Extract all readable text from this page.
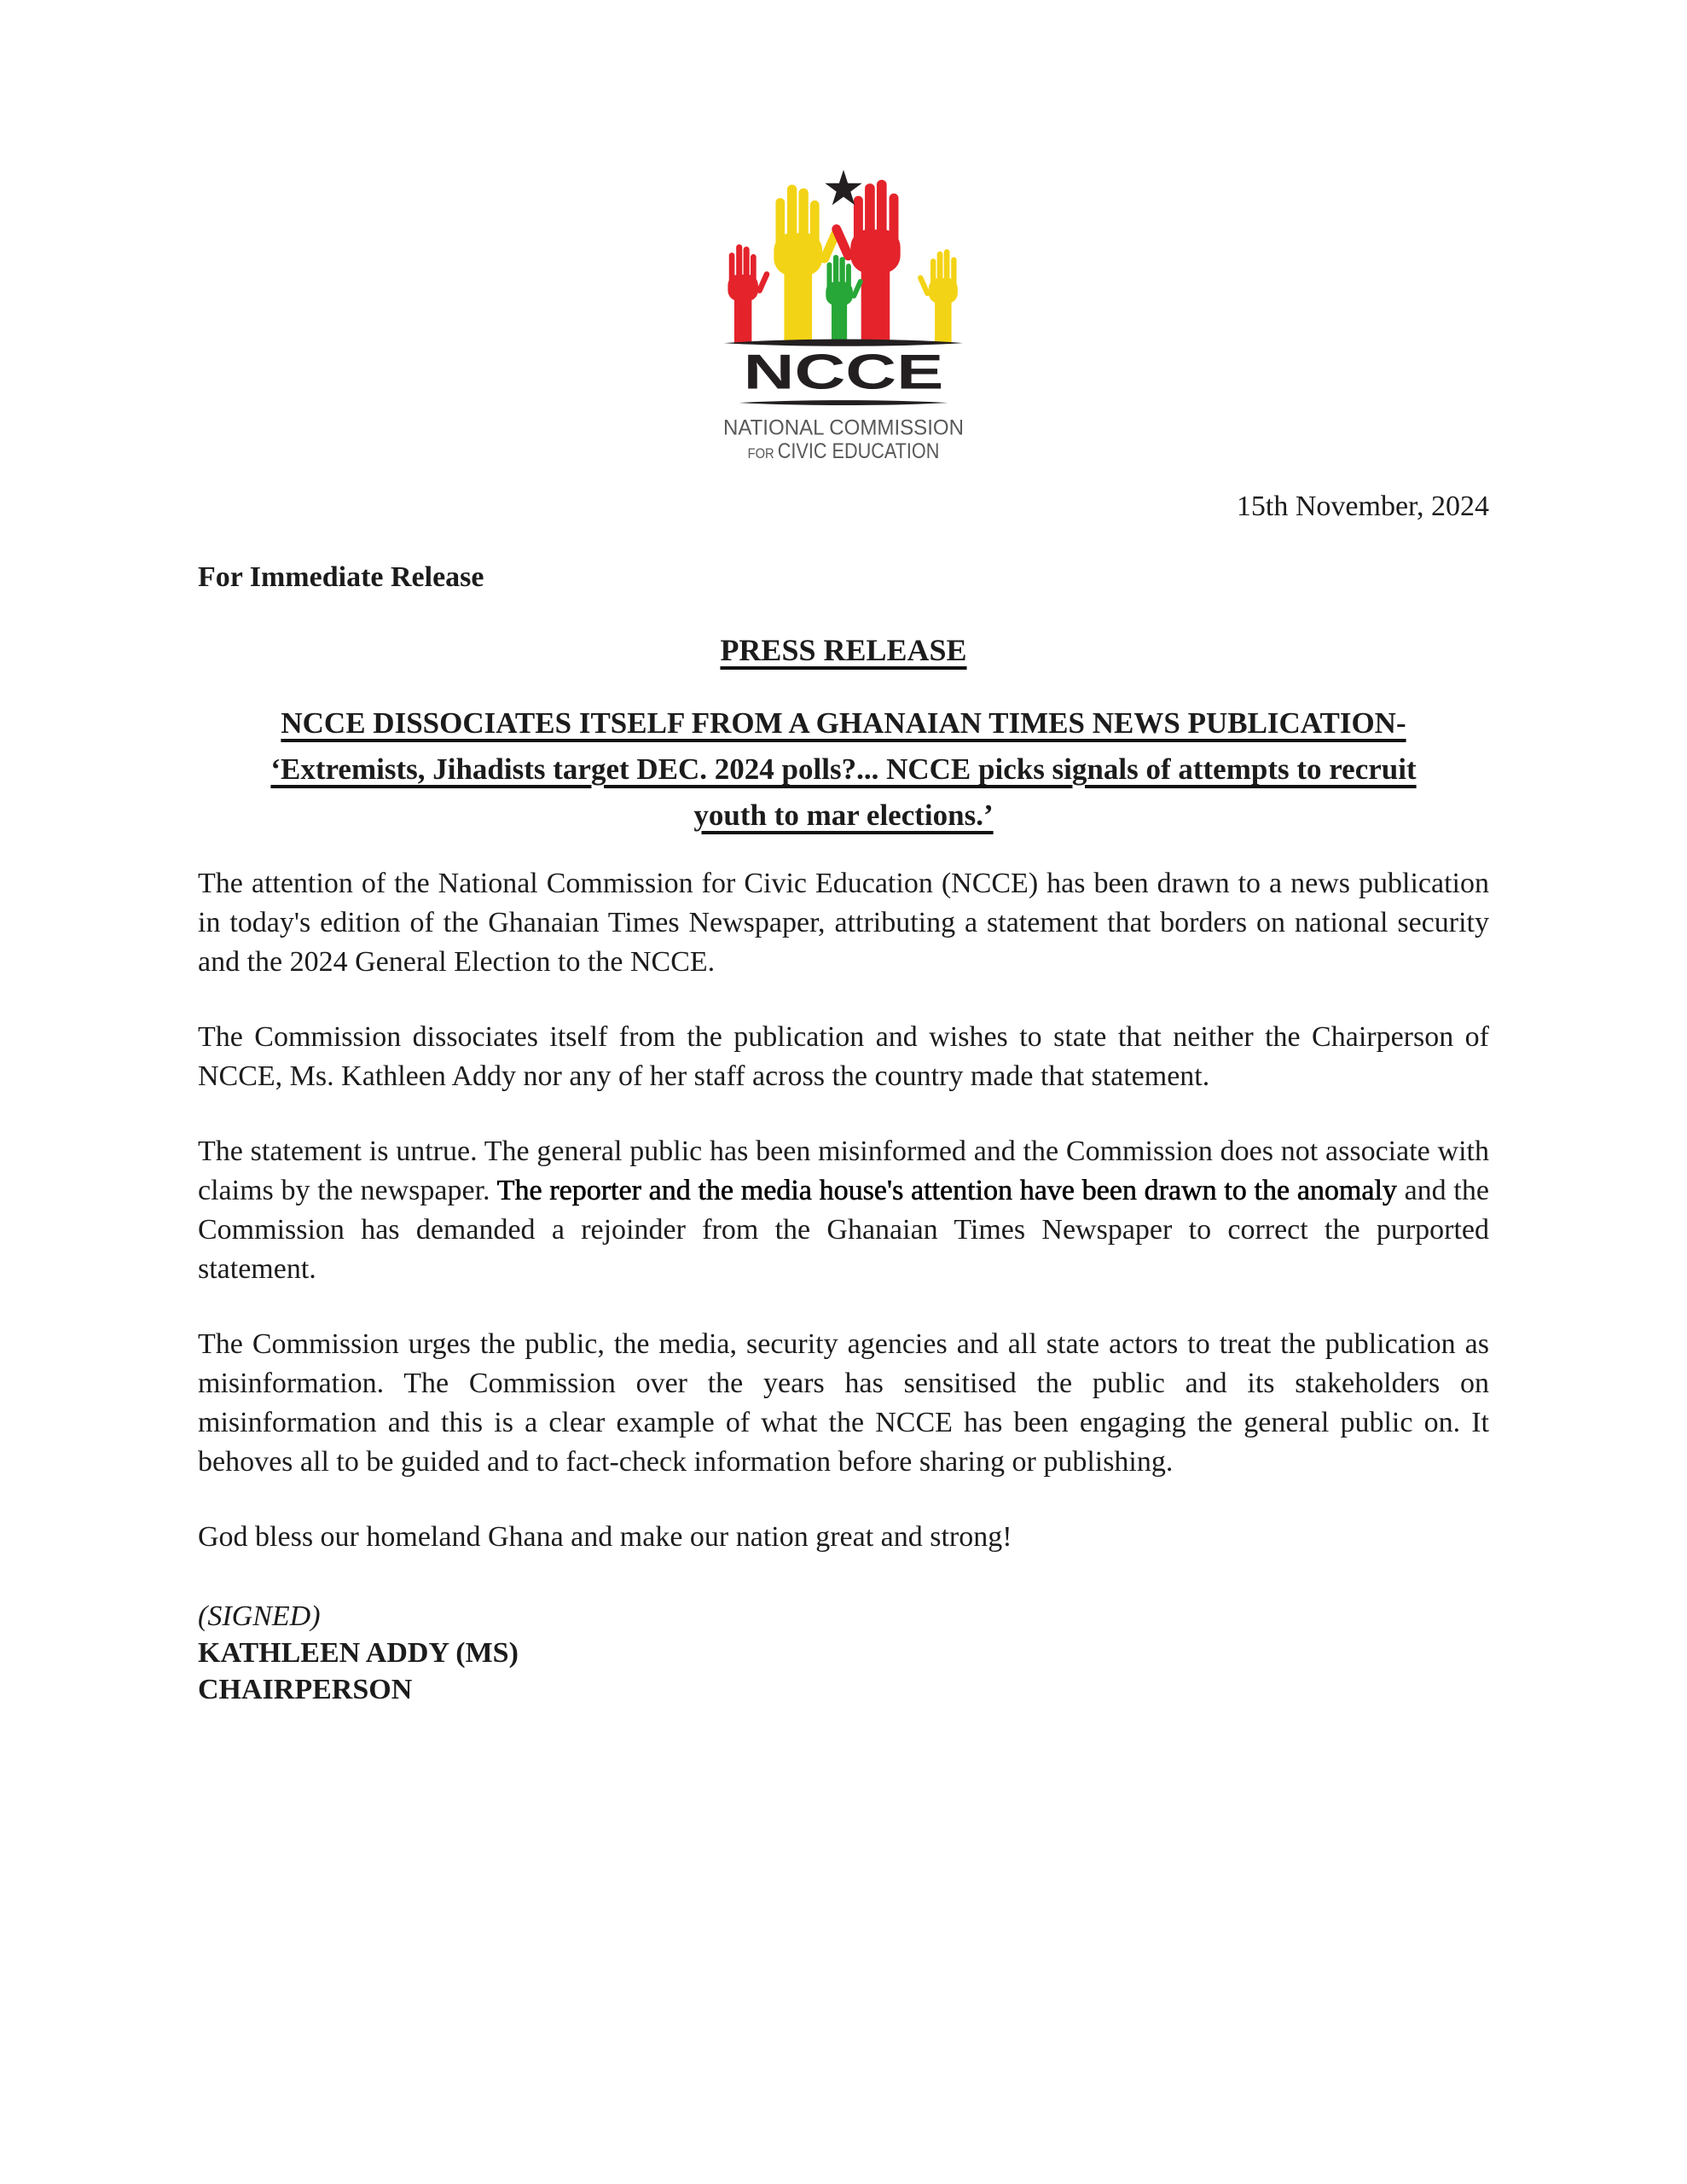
NCCE
NATIONAL COMMISSION
FOR CIVIC EDUCATION
15th November, 2024
For Immediate Release
PRESS RELEASE
NCCE DISSOCIATES ITSELF FROM A GHANAIAN TIMES NEWS PUBLICATION-
‘Extremists, Jihadists target DEC. 2024 polls?... NCCE picks signals of attempts to recruit
youth to mar elections.’

The attention of the National Commission for Civic Education (NCCE) has been drawn to a news publication in today's edition of the Ghanaian Times Newspaper, attributing a statement that borders on national security and the 2024 General Election to the NCCE.

The Commission dissociates itself from the publication and wishes to state that neither the Chairperson of NCCE, Ms. Kathleen Addy nor any of her staff across the country made that statement.

The statement is untrue. The general public has been misinformed and the Commission does not associate with claims by the newspaper. The reporter and the media house's attention have been drawn to the anomaly and the Commission has demanded a rejoinder from the Ghanaian Times Newspaper to correct the purported statement.

The Commission urges the public, the media, security agencies and all state actors to treat the publication as misinformation. The Commission over the years has sensitised the public and its stakeholders on misinformation and this is a clear example of what the NCCE has been engaging the general public on. It behoves all to be guided and to fact-check information before sharing or publishing.

God bless our homeland Ghana and make our nation great and strong!

(SIGNED)
KATHLEEN ADDY (MS)
CHAIRPERSON
